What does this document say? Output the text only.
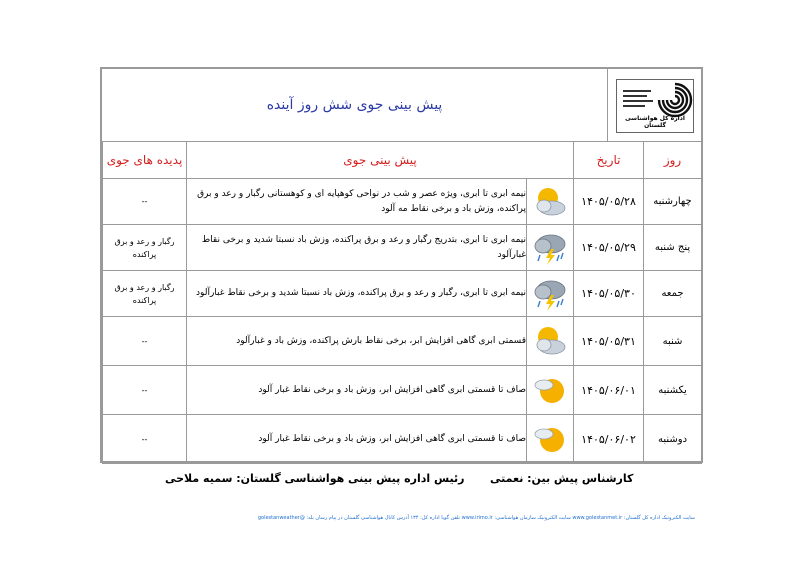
پیش بینی جوی شش روز آینده
اداره کل هواشناسی گلستان
روز	تاریخ	پیش بینی جوی		پدیده های جوی
چهارشنبه	۱۴۰۵/۰۵/۲۸		نیمه ابری تا ابری، ویژه عصر و شب در نواحی کوهپایه ای و کوهستانی رگبار و رعد و برق پراکنده، وزش باد و برخی نقاط مه آلود	--
پنج شنبه	۱۴۰۵/۰۵/۲۹		نیمه ابری تا ابری، بتدریج رگبار و رعد و برق پراکنده، وزش باد نسبتا شدید و برخی نقاط غبارآلود	رگبار و رعد و برق پراکنده
جمعه	۱۴۰۵/۰۵/۳۰		نیمه ابری تا ابری، رگبار و رعد و برق پراکنده، وزش باد نسبتا شدید و برخی نقاط غبارآلود	رگبار و رعد و برق پراکنده
شنبه	۱۴۰۵/۰۵/۳۱		قسمتی ابری گاهی افزایش ابر، برخی نقاط بارش پراکنده، وزش باد و غبارآلود	--
یکشنبه	۱۴۰۵/۰۶/۰۱		صاف تا قسمتی ابری گاهی افزایش ابر، وزش باد و برخی نقاط غبار آلود	--
دوشنبه	۱۴۰۵/۰۶/۰۲		صاف تا قسمتی ابری گاهی افزایش ابر، وزش باد و برخی نقاط غبار آلود	--
کارشناس پیش بین: نعمتی
رئیس اداره پیش بینی هواشناسی گلستان: سمیه ملاحی
سایت الکترونیک اداره کل گلستان: www.golestanmet.ir سایت الکترونیک سازمان هواشناسی: www.irimo.ir تلفن گویا اداره کل: ۱۳۴ آدرس کانال هواشناسی گلستان در پیام رسان بله: @golestanweather
